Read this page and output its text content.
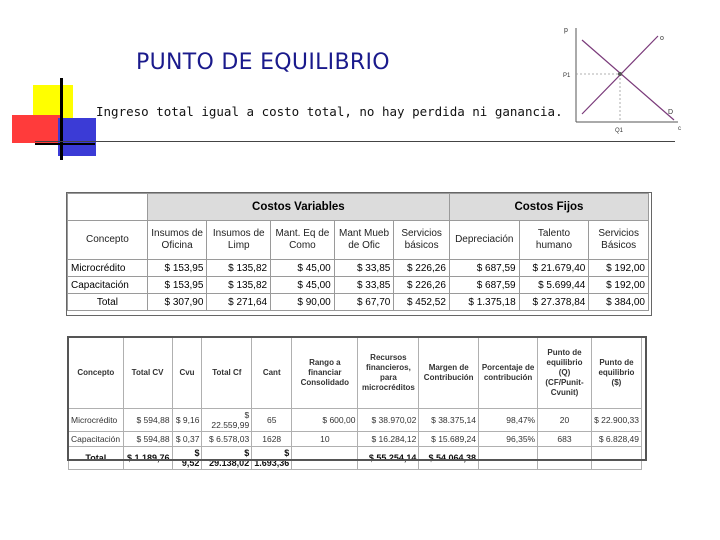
PUNTO DE EQUILIBRIO
Ingreso total igual a costo total, no hay perdida ni ganancia.
p
o
P1
D
c
Q1
	Costos Variables					Costos Fijos		
Concepto	Insumos de Oficina	Insumos de Limp	Mant. Eq de Como	Mant Mueb de Ofic	Servicios básicos	Depreciación	Talento humano	Servicios Básicos
Microcrédito	$ 153,95	$ 135,82	$ 45,00	$ 33,85	$ 226,26	$ 687,59	$ 21.679,40	$ 192,00
Capacitación	$ 153,95	$ 135,82	$ 45,00	$ 33,85	$ 226,26	$ 687,59	$ 5.699,44	$ 192,00
Total	$ 307,90	$ 271,64	$ 90,00	$ 67,70	$ 452,52	$ 1.375,18	$ 27.378,84	$ 384,00
Concepto	Total CV	Cvu	Total Cf	Cant	Rango a financiar Consolidado	Recursos financieros, para microcréditos	Margen de Contribución	Porcentaje de contribución	Punto de equilibrio (Q) (CF/Punit-Cvunit)	Punto de equilibrio ($)
Microcrédito	$ 594,88	$ 9,16	$ 22.559,99	65	$ 600,00	$ 38.970,02	$ 38.375,14	98,47%	20	$ 22.900,33
Capacitación	$ 594,88	$ 0,37	$ 6.578,03	1628	10	$ 16.284,12	$ 15.689,24	96,35%	683	$ 6.828,49
Total	$ 1.189,76	$ 9,52	$ 29.138,02	$ 1.693,36		$ 55.254,14	$ 54.064,38			
